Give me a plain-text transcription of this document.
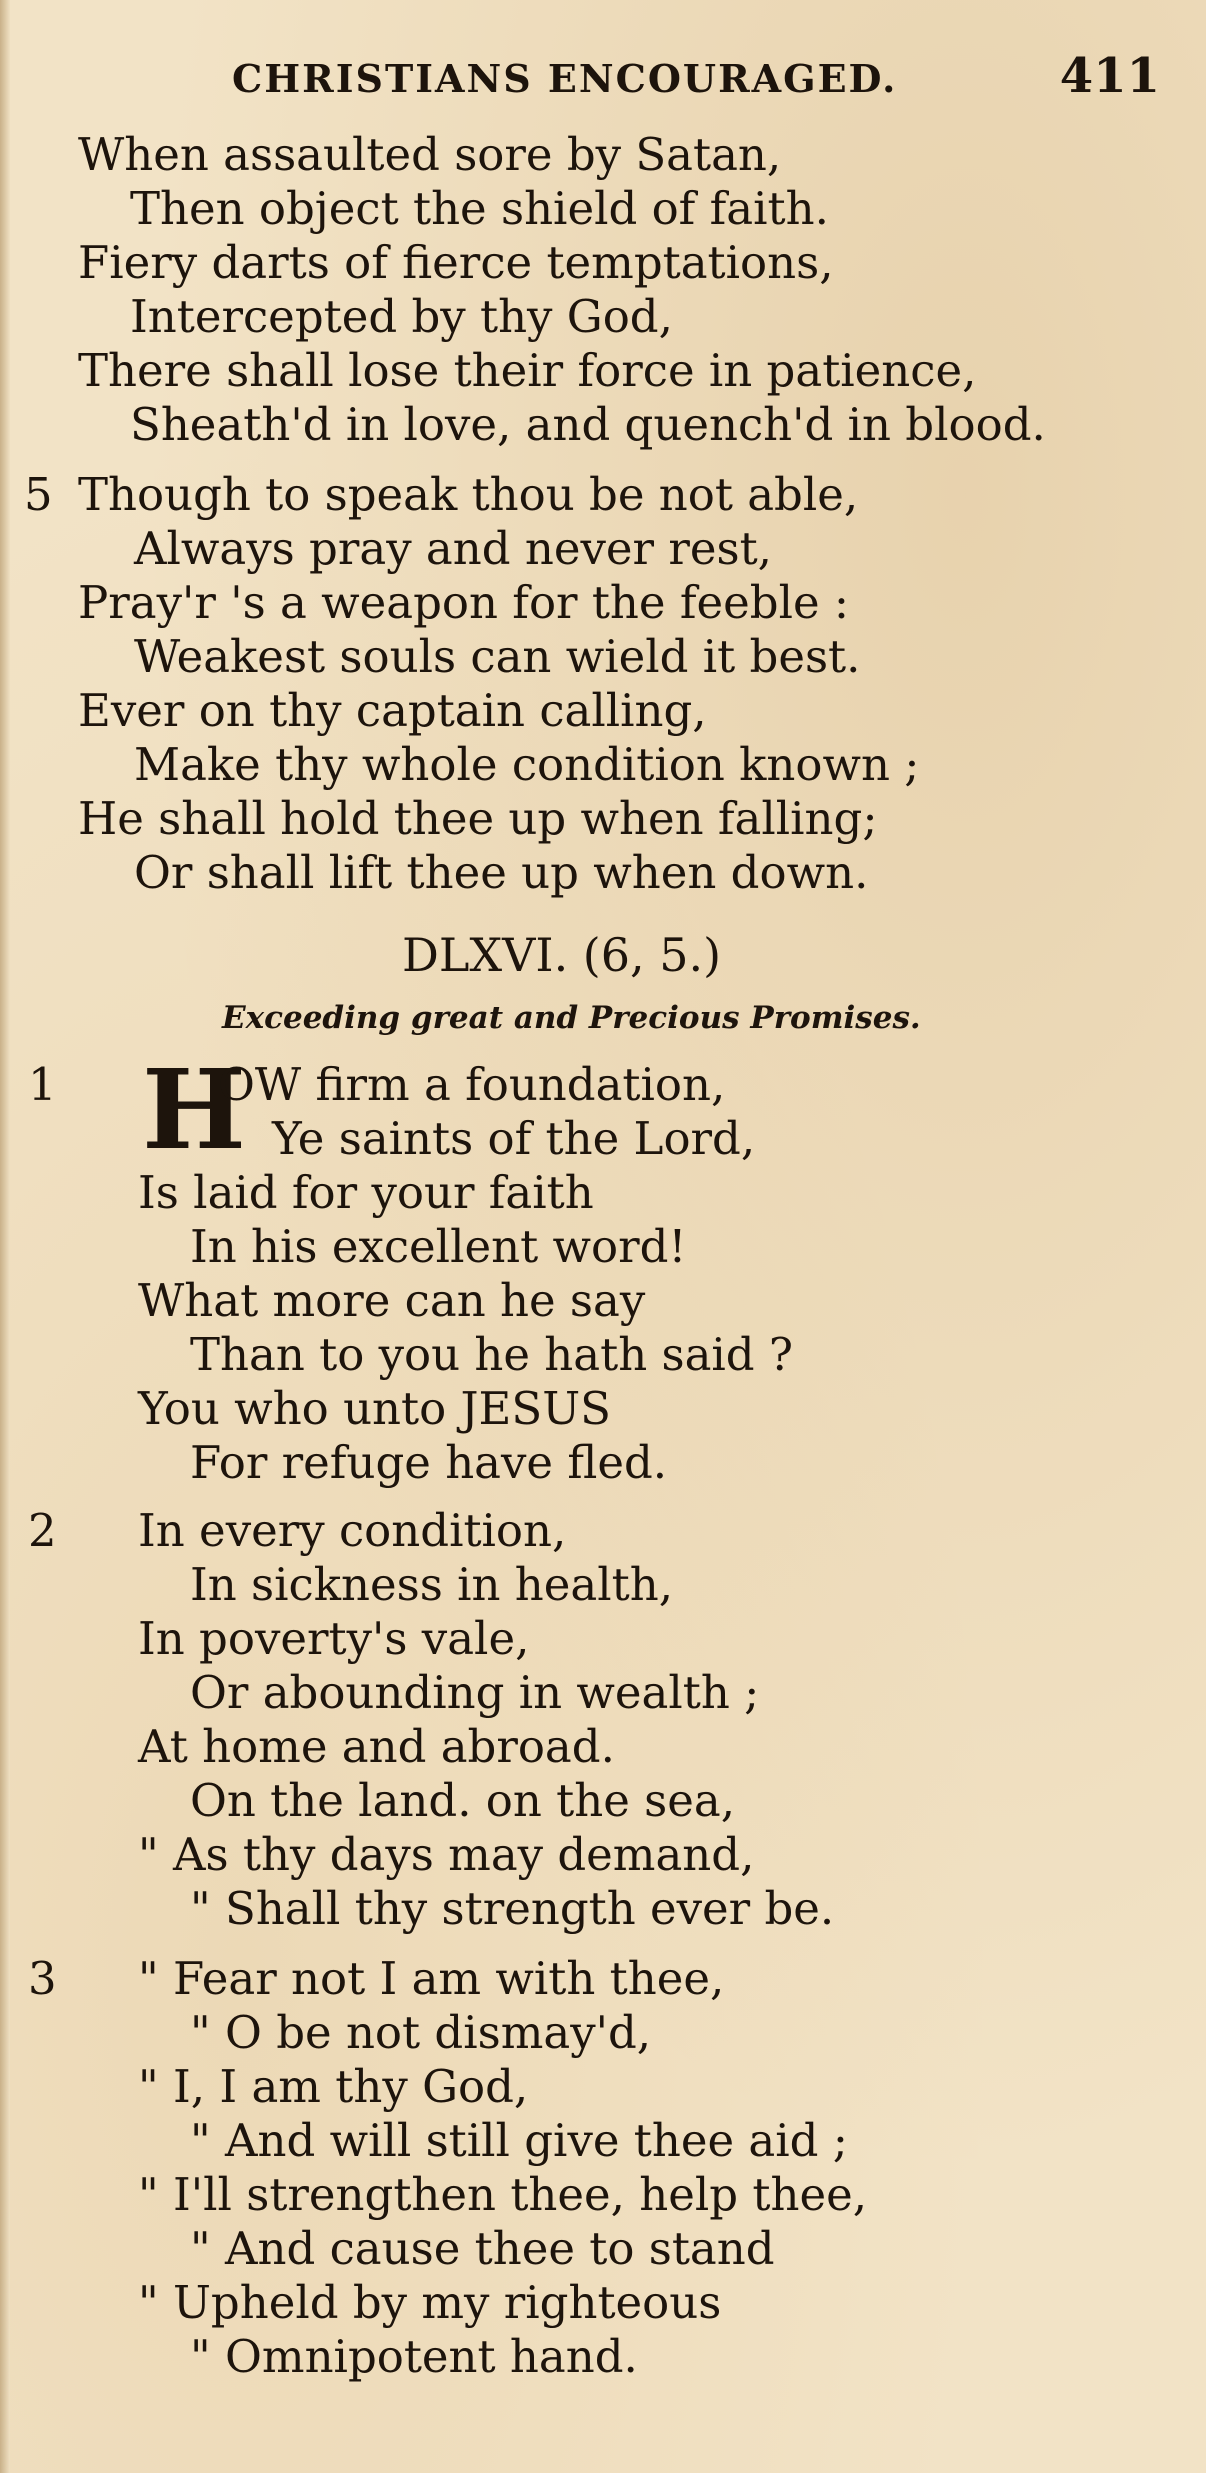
CHRISTIANS ENCOURAGED.	411
When assaulted sore by Satan,
Then object the shield of faith.
Fiery darts of fierce temptations,
Intercepted by thy God,
There shall lose their force in patience,
Sheath'd in love, and quench'd in blood.
5 Though to speak thou be not able,
Always pray and never rest,
Pray'r 's a weapon for the feeble :
Weakest souls can wield it best.
Ever on thy captain calling,
Make thy whole condition known ;
He shall hold thee up when falling;
Or shall lift thee up when down.
DLXVI. (6, 5.)
Exceeding great and Precious Promises.
1 H
OW firm a foundation,
Ye saints of the Lord,
Is laid for your faith
In his excellent word!
What more can he say
Than to you he hath said ?
You who unto JESUS
For refuge have fled.
2 In every condition,
In sickness in health,
In poverty's vale,
Or abounding in wealth ;
At home and abroad.
On the land. on the sea,
" As thy days may demand,
" Shall thy strength ever be.
3 " Fear not I am with thee,
" O be not dismay'd,
" I, I am thy God,
" And will still give thee aid ;
" I'll strengthen thee, help thee,
" And cause thee to stand
" Upheld by my righteous
" Omnipotent hand.
